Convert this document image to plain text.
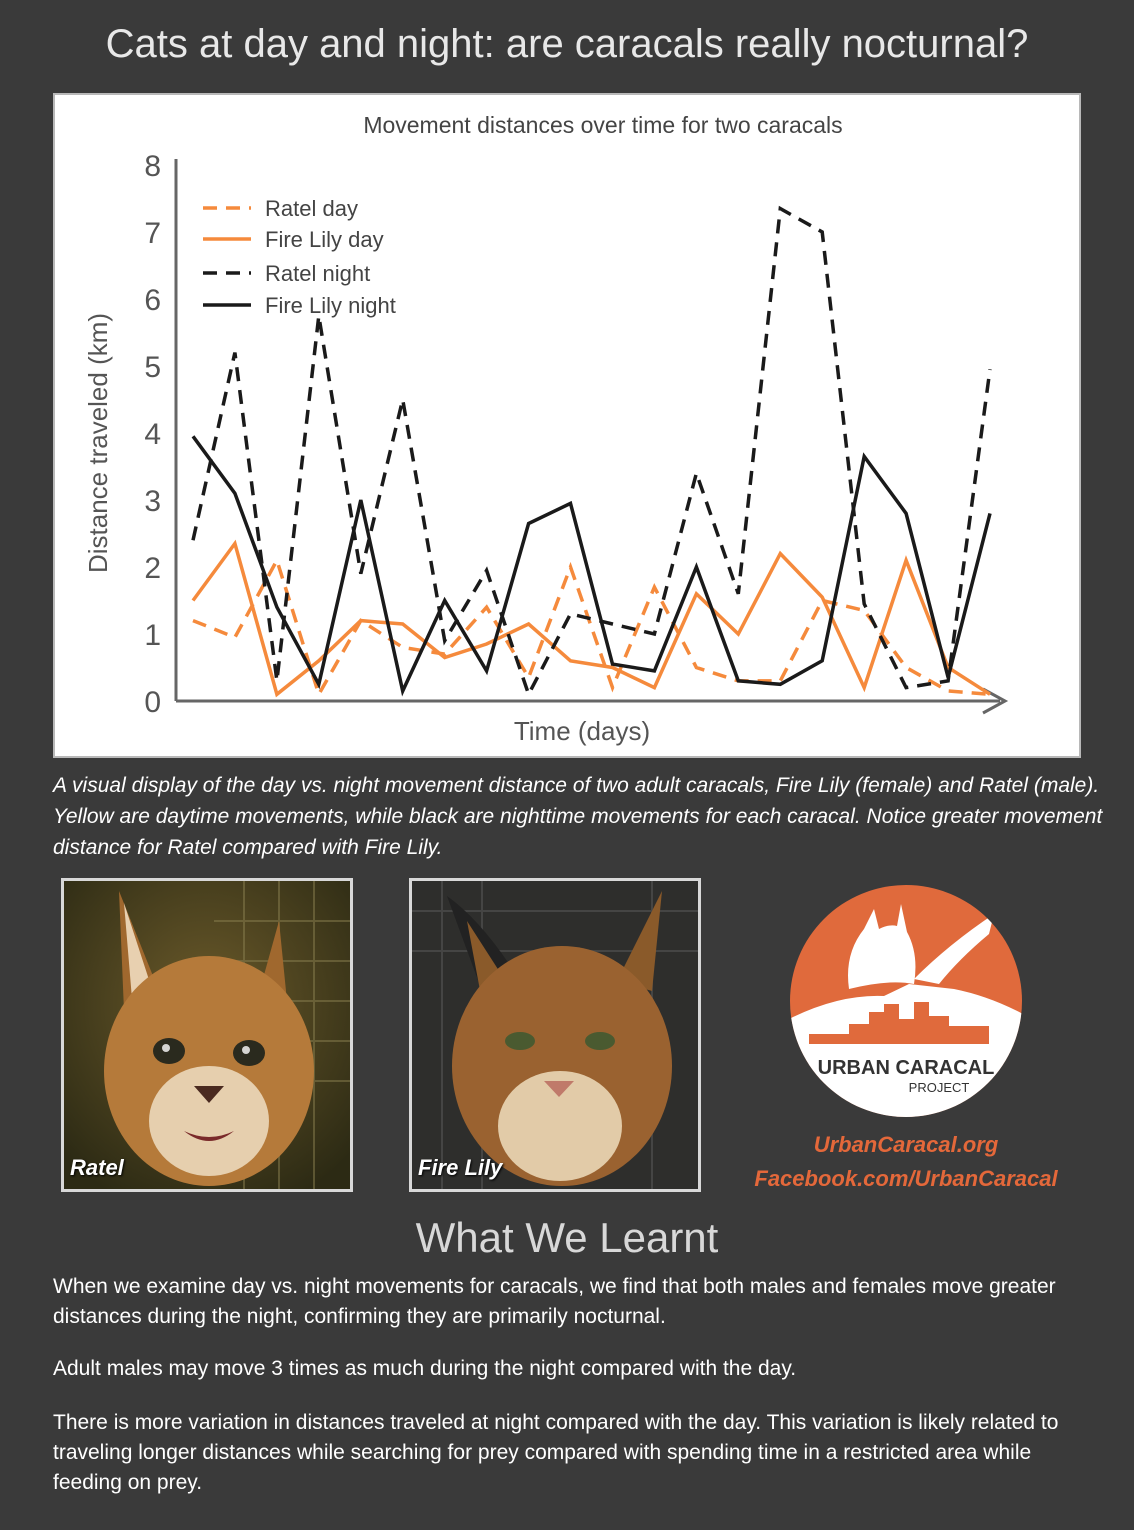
Cats at day and night: are caracals really nocturnal?
Movement distances over time for two caracals
Distance traveled (km)
Time (days)
0
1
2
3
4
5
6
7
8
Ratel day
Fire Lily day
Ratel night
Fire Lily night
A visual display of the day vs. night movement distance of two adult caracals, Fire Lily (female) and Ratel (male). Yellow are daytime movements, while black are nighttime movements for each caracal. Notice greater movement distance for Ratel compared with Fire Lily.
Ratel	Fire Lily
URBAN CARACAL
PROJECT
UrbanCaracal.org
Facebook.com/UrbanCaracal
What We Learnt
When we examine day vs. night movements for caracals, we find that both males and females move greater distances during the night, confirming they are primarily nocturnal.
Adult males may move 3 times as much during the night compared with the day.
There is more variation in distances traveled at night compared with the day. This variation is likely related to traveling longer distances while searching for prey compared with spending time in a restricted area while feeding on prey.
